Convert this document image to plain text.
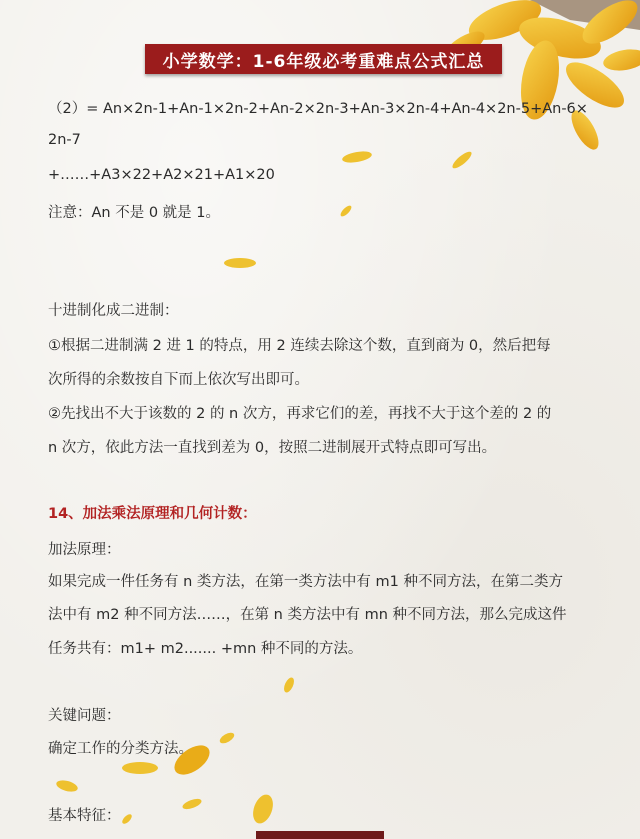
小学数学：1-6年级必考重难点公式汇总
（2）= An×2n-1+An-1×2n-2+An-2×2n-3+An-3×2n-4+An-4×2n-5+An-6×
2n-7
+……+A3×22+A2×21+A1×20
注意：An 不是 0 就是 1。
十进制化成二进制：
①根据二进制满 2 进 1 的特点，用 2 连续去除这个数，直到商为 0，然后把每
次所得的余数按自下而上依次写出即可。
②先找出不大于该数的 2 的 n 次方，再求它们的差，再找不大于这个差的 2 的
n 次方，依此方法一直找到差为 0，按照二进制展开式特点即可写出。
14、加法乘法原理和几何计数：
加法原理：
如果完成一件任务有 n 类方法，在第一类方法中有 m1 种不同方法，在第二类方
法中有 m2 种不同方法……，在第 n 类方法中有 mn 种不同方法，那么完成这件
任务共有：m1+ m2....... +mn 种不同的方法。
关键问题：
确定工作的分类方法。
基本特征：
